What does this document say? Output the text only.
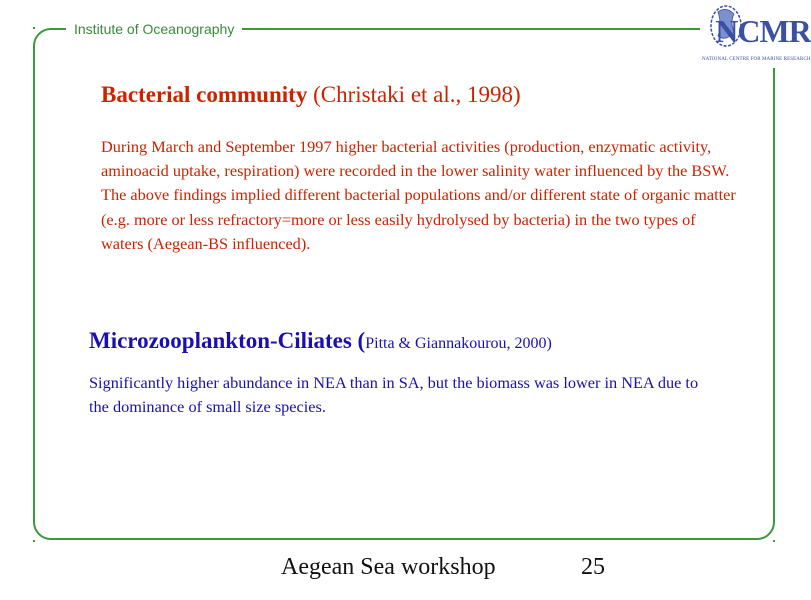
Institute of Oceanography	NCMR
NATIONAL CENTRE FOR MARINE RESEARCH
Bacterial community (Christaki et al., 1998)

During March and September 1997 higher bacterial activities (production, enzymatic activity, aminoacid uptake, respiration) were recorded in the lower salinity water influenced by the BSW.

The above findings implied different bacterial populations and/or different state of organic matter (e.g. more or less refractory=more or less easily hydrolysed by bacteria) in the two types of waters (Aegean-BS influenced).

Microzooplankton-Ciliates (Pitta & Giannakourou, 2000)
Significantly higher abundance in NEA than in SA, but the biomass was lower in NEA due to the dominance of small size species.
Aegean Sea workshop	25
